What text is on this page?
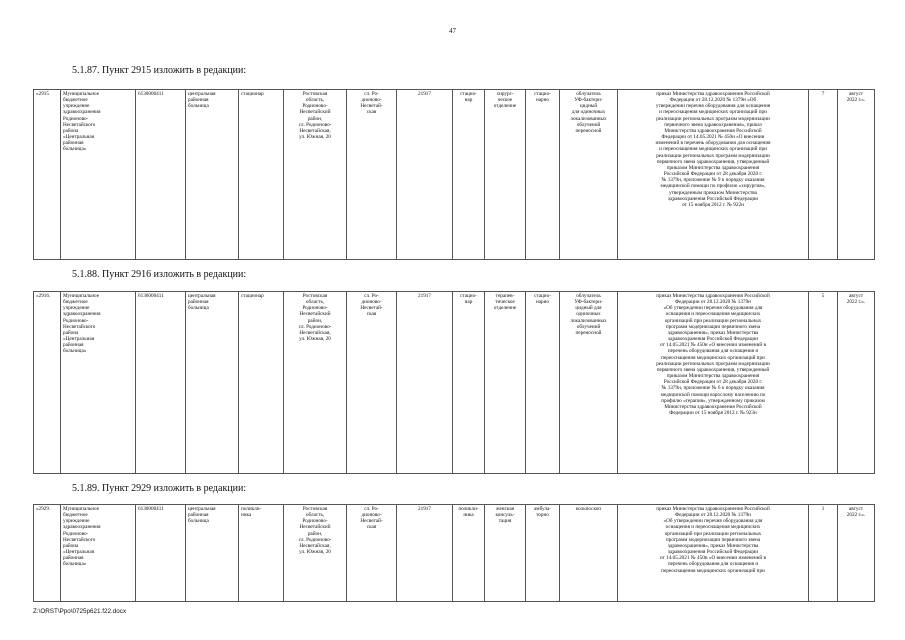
47
5.1.87. Пункт 2915 изложить в редакции:
«2915	Муниципальное
бюджетное
учреждение
здравоохранения
Родионово-
Несветайского
района
«Центральная
районная
больница»	6130000411	центральная
районная
больница	стационар	Ростовская
область,
Родионово-
Несветайский
район,
сл. Родионово-
Несветайская,
ул. Южная, 20	сл. Ро-
дионово-
Несветай-
ская	21917	стацио-
нар	хирург-
ческое
отделение	стацио-
нарно	облучатель
УФ-бактери-
цидный
для одиночных
локализованных
облучений
переносной	приказ Министерства здравоохранения Российской
Федерации от 28.12.2020 № 1379н «Об
утверждении перечня оборудования для оснащения
и переоснащения медицинских организаций при
реализации региональных программ модернизации
первичного звена здравоохранения», приказ
Министерства здравоохранения Российской
Федерации от 14.05.2021 № 450н «О внесении
изменений в перечень оборудования для оснащения
и переоснащения медицинских организаций при
реализации региональных программ модернизации
первичного звена здравоохранения, утвержденный
приказом Министерства здравоохранения
Российской Федерации от 28 декабря 2020 г.
№ 1379н, приложение № 9 к порядку оказания
медицинской помощи по профилю «хирургия»,
утвержденным приказом Министерства
здравоохранения Российской Федерации
от 15 ноября 2012 г. № 922н	7	август
2022 г.».
5.1.88. Пункт 2916 изложить в редакции:
«2916.	Муниципальное
бюджетное
учреждение
здравоохранения
Родионово-
Несветайского
района
«Центральная
районная
больница»	6130000411	центральная
районная
больница	стационар	Ростовская
область,
Родионово-
Несветайский
район,
сл. Родионово-
Несветайская,
ул. Южная, 20	сл. Ро-
дионово-
Несветай-
ская	21917	стацио-
нар	терапев-
тическое
отделение	стацио-
нарно	облучатель
УФ-бактери-
цидный для
одиночных
локализованных
облучений
переносной	приказ Министерства здравоохранения Российской
Федерации от 28.12.2020 № 1379н
«Об утверждении перечня оборудования для
оснащения и переоснащения медицинских
организаций при реализации региональных
программ модернизации первичного звена
здравоохранения», приказ Министерства
здравоохранения Российской Федерации
от 14.05.2021 № 450н «О внесении изменений в
перечень оборудования для оснащения и
переоснащения медицинских организаций при
реализации региональных программ модернизации
первичного звена здравоохранения, утвержденный
приказом Министерства здравоохранения
Российской Федерации от 28 декабря 2020 г.
№ 1379н, приложение № 6 к порядку оказания
медицинской помощи взрослому населению по
профилю «терапия», утвержденному приказом
Министерства здравоохранения Российской
Федерации от 15 ноября 2012 г. № 923н	5	август
2022 г.».
5.1.89. Пункт 2929 изложить в редакции:
«2929.	Муниципальное
бюджетное
учреждение
здравоохранения
Родионово-
Несветайского
района
«Центральная
районная
больница»	6130000411	центральная
районная
больница	поликли-
ника	Ростовская
область,
Родионово-
Несветайский
район,
сл. Родионово-
Несветайская,
ул. Южная, 20	сл. Ро-
дионово-
Несветай-
ская	21917	поликли-
ника	женская
консуль-
тация	амбула-
торно	кольпоскоп	приказ Министерства здравоохранения Российской
Федерации от 28.12.2020 № 1379н
«Об утверждении перечня оборудования для
оснащения и переоснащения медицинских
организаций при реализации региональных
программ модернизации первичного звена
здравоохранения», приказ Министерства
здравоохранения Российской Федерации
от 14.05.2021 № 450н «О внесении изменений в
перечень оборудования для оснащения и
переоснащения медицинских организаций при	1	август
2022 г.».
Z:\ORST\Ppo\0725p621.f22.docx
